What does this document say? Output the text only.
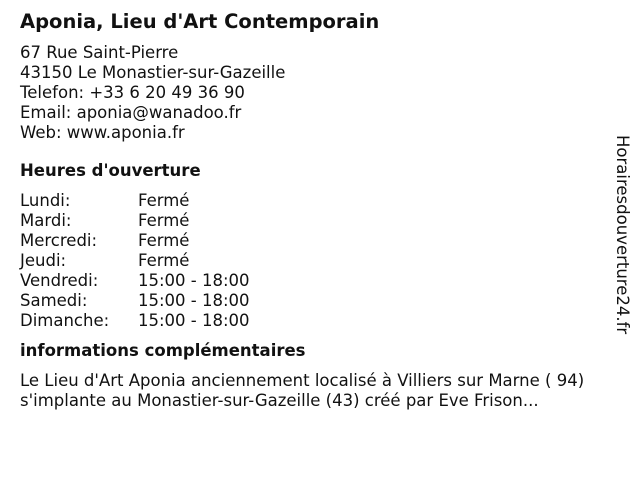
Aponia, Lieu d'Art Contemporain
67 Rue Saint-Pierre
43150 Le Monastier-sur-Gazeille
Telefon: +33 6 20 49 36 90
Email: aponia@wanadoo.fr
Web: www.aponia.fr
Heures d'ouverture
Lundi:	Fermé
Mardi:	Fermé
Mercredi:	Fermé
Jeudi:	Fermé
Vendredi:	15:00 - 18:00
Samedi:	15:00 - 18:00
Dimanche:	15:00 - 18:00
informations complémentaires
Le Lieu d'Art Aponia anciennement localisé à Villiers sur Marne ( 94) s'implante au Monastier-sur-Gazeille (43) créé par Eve Frison...
Horairesdouverture24.fr
